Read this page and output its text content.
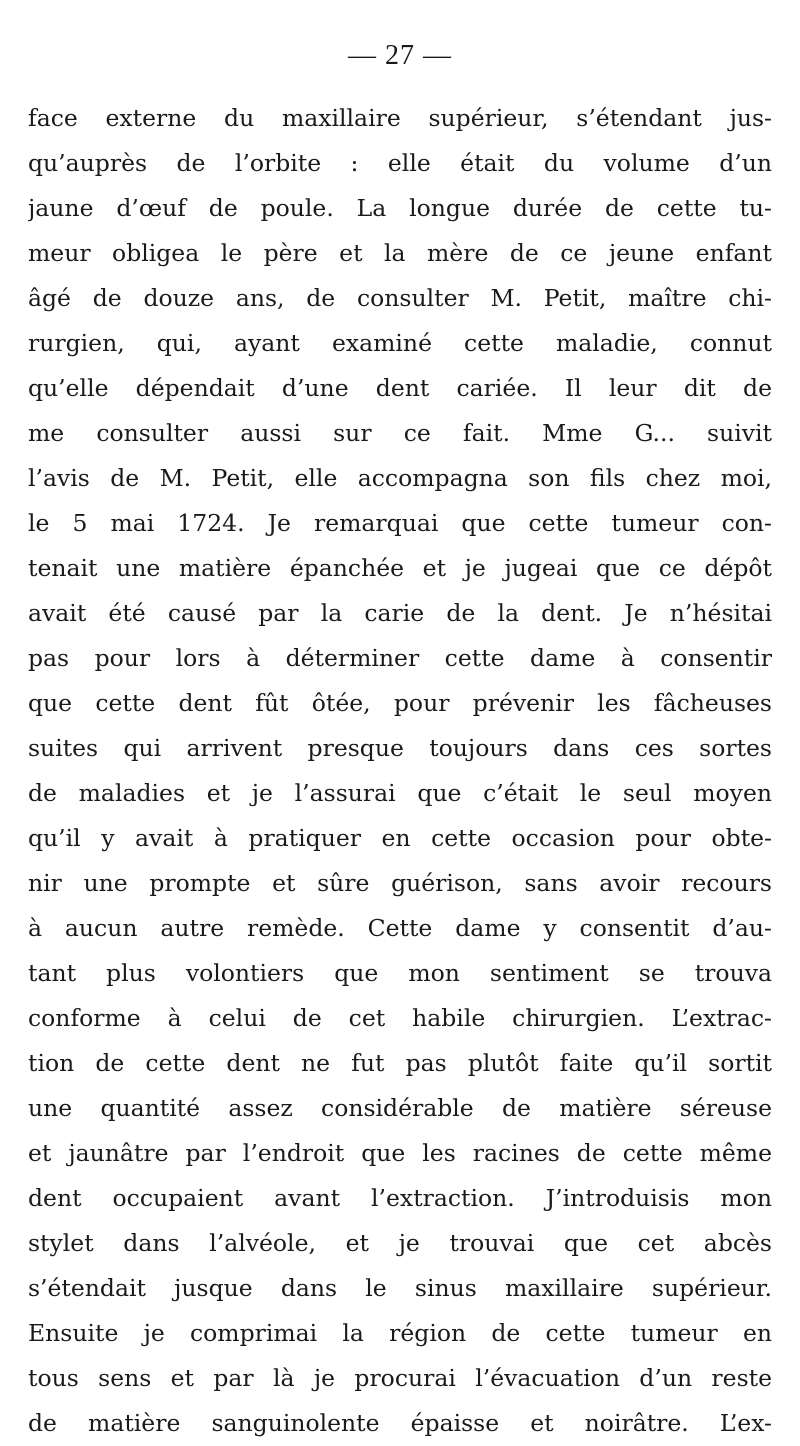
— 27 —
face externe du maxillaire supérieur, s’étendant jus-
qu’auprès de l’orbite : elle était du volume d’un
jaune d’œuf de poule. La longue durée de cette tu-
meur obligea le père et la mère de ce jeune enfant
âgé de douze ans, de consulter M. Petit, maître chi-
rurgien, qui, ayant examiné cette maladie, connut
qu’elle dépendait d’une dent cariée. Il leur dit de
me consulter aussi sur ce fait. Mme G... suivit
l’avis de M. Petit, elle accompagna son fils chez moi,
le 5 mai 1724. Je remarquai que cette tumeur con-
tenait une matière épanchée et je jugeai que ce dépôt
avait été causé par la carie de la dent. Je n’hésitai
pas pour lors à déterminer cette dame à consentir
que cette dent fût ôtée, pour prévenir les fâcheuses
suites qui arrivent presque toujours dans ces sortes
de maladies et je l’assurai que c’était le seul moyen
qu’il y avait à pratiquer en cette occasion pour obte-
nir une prompte et sûre guérison, sans avoir recours
à aucun autre remède. Cette dame y consentit d’au-
tant plus volontiers que mon sentiment se trouva
conforme à celui de cet habile chirurgien. L’extrac-
tion de cette dent ne fut pas plutôt faite qu’il sortit
une quantité assez considérable de matière séreuse
et jaunâtre par l’endroit que les racines de cette même
dent occupaient avant l’extraction. J’introduisis mon
stylet dans l’alvéole, et je trouvai que cet abcès
s’étendait jusque dans le sinus maxillaire supérieur.
Ensuite je comprimai la région de cette tumeur en
tous sens et par là je procurai l’évacuation d’un reste
de matière sanguinolente épaisse et noirâtre. L’ex-
